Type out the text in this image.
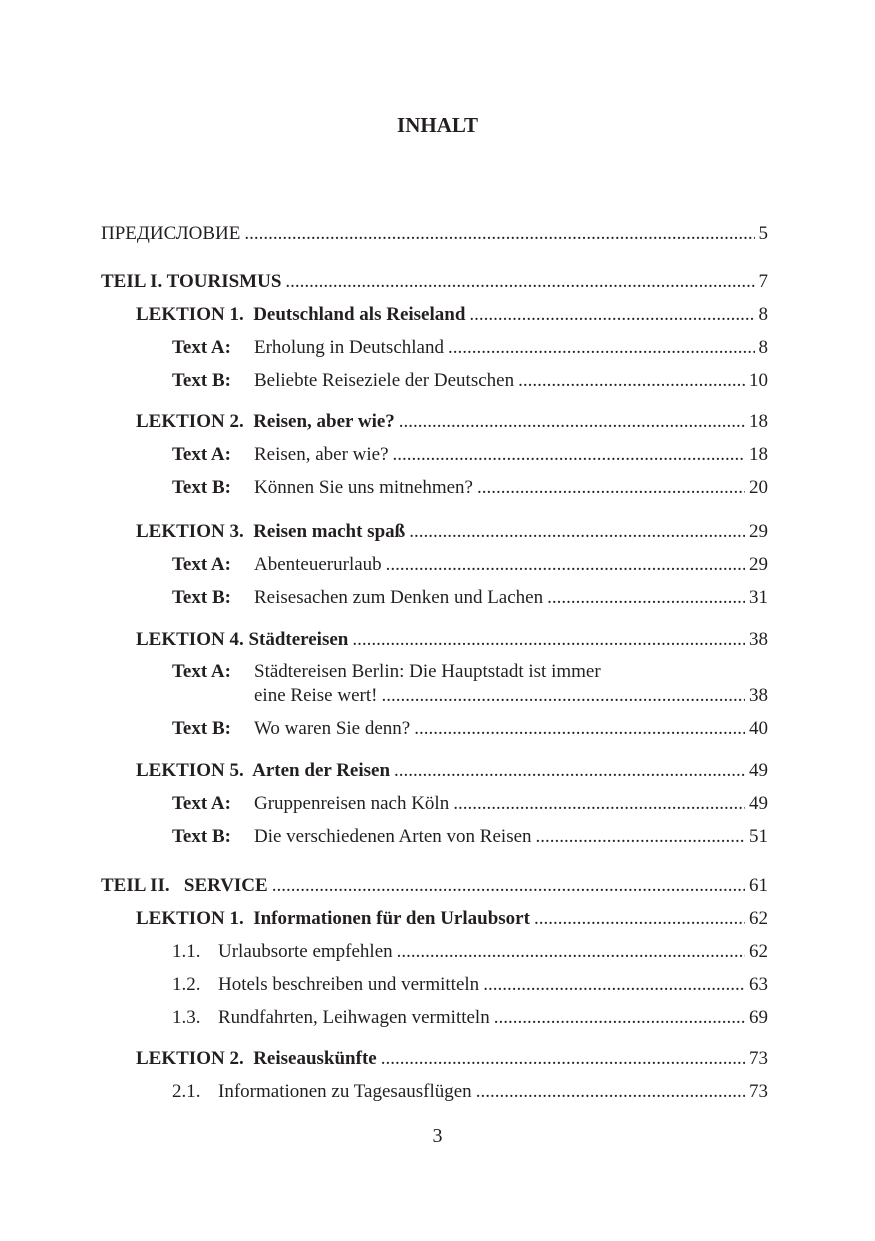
INHALT
ПРЕДИСЛОВИЕ .....	5
TEIL I. TOURISMUS .....	7
LEKTION 1.  Deutschland als Reiseland .....	8
Text A: Erholung in Deutschland .....	8
Text B: Beliebte Reiseziele der Deutschen .....	10
LEKTION 2.  Reisen, aber wie? .....	18
Text A: Reisen, aber wie? .....	18
Text B: Können Sie uns mitnehmen? .....	20
LEKTION 3.  Reisen macht spaß .....	29
Text A: Abenteuerurlaub .....	29
Text B: Reisesachen zum Denken und Lachen .....	31
LEKTION 4. Städtereisen .....	38
Text A: Städtereisen Berlin: Die Hauptstadt ist immer
eine Reise wert! .....	38
Text B: Wo waren Sie denn? .....	40
LEKTION 5.  Arten der Reisen .....	49
Text A: Gruppenreisen nach Köln .....	49
Text B: Die verschiedenen Arten von Reisen .....	51
TEIL II.   SERVICE .....	61
LEKTION 1.  Informationen für den Urlaubsort .....	62
1.1. Urlaubsorte empfehlen .....	62
1.2. Hotels beschreiben und vermitteln .....	63
1.3. Rundfahrten, Leihwagen vermitteln .....	69
LEKTION 2.  Reiseauskünfte .....	73
2.1. Informationen zu Tagesausflügen .....	73
3
